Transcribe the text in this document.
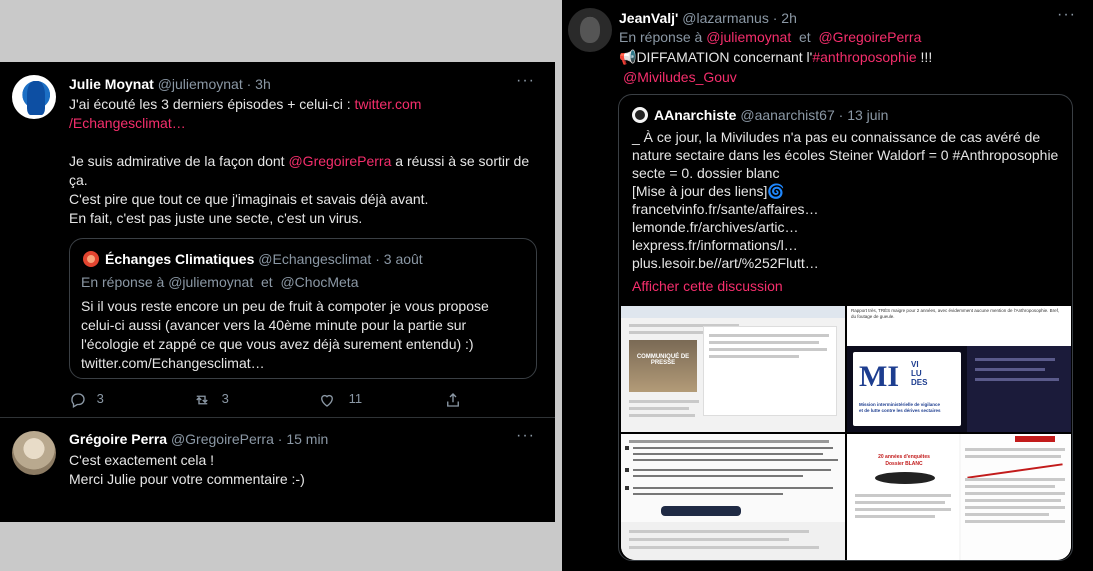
Julie Moynat @juliemoynat · 3h	···
J'ai écouté les 3 derniers épisodes + celui-ci : twitter.com
/Echangesclimat…
Je suis admirative de la façon dont @GregoirePerra a réussi à se sortir de
ça.
C'est pire que tout ce que j'imaginais et savais déjà avant.
En fait, c'est pas juste une secte, c'est un virus.
Échanges Climatiques @Echangesclimat · 3 août
En réponse à @juliemoynat et @ChocMeta
Si il vous reste encore un peu de fruit à compoter je vous propose
celui-ci aussi (avancer vers la 40ème minute pour la partie sur
l'écologie et zappé ce que vous avez déjà surement entendu) :)
twitter.com/Echangesclimat…
3	3	11
Grégoire Perra @GregoirePerra · 15 min	···
C'est exactement cela !
Merci Julie pour votre commentaire :-)
JeanValj' @lazarmanus · 2h	···
En réponse à @juliemoynat et @GregoirePerra
📢DIFFAMATION concernant l'#anthroposophie !!!
@Miviludes_Gouv
AAnarchiste @aanarchist67 · 13 juin
_ À ce jour, la Miviludes n'a pas eu connaissance de cas avéré de
nature sectaire dans les écoles Steiner Waldorf = 0 #Anthroposophie
secte = 0. dossier blanc
[Mise à jour des liens]🌀
francetvinfo.fr/sante/affaires…
lemonde.fr/archives/artic…
lexpress.fr/informations/l…
plus.lesoir.be//art/%252Flutt…
Afficher cette discussion
COMMUNIQUÉ DE PRESSE
Rapport très, TRÈS maigre pour 2 années, avec évidemment aucune mention de l'Anthroposophie. Bref, du foutage de gueule.
MI VI
LU
DES
Mission interministérielle de vigilance
et de lutte contre les dérives sectaires
20 années d'enquêtes
Dossier BLANC
